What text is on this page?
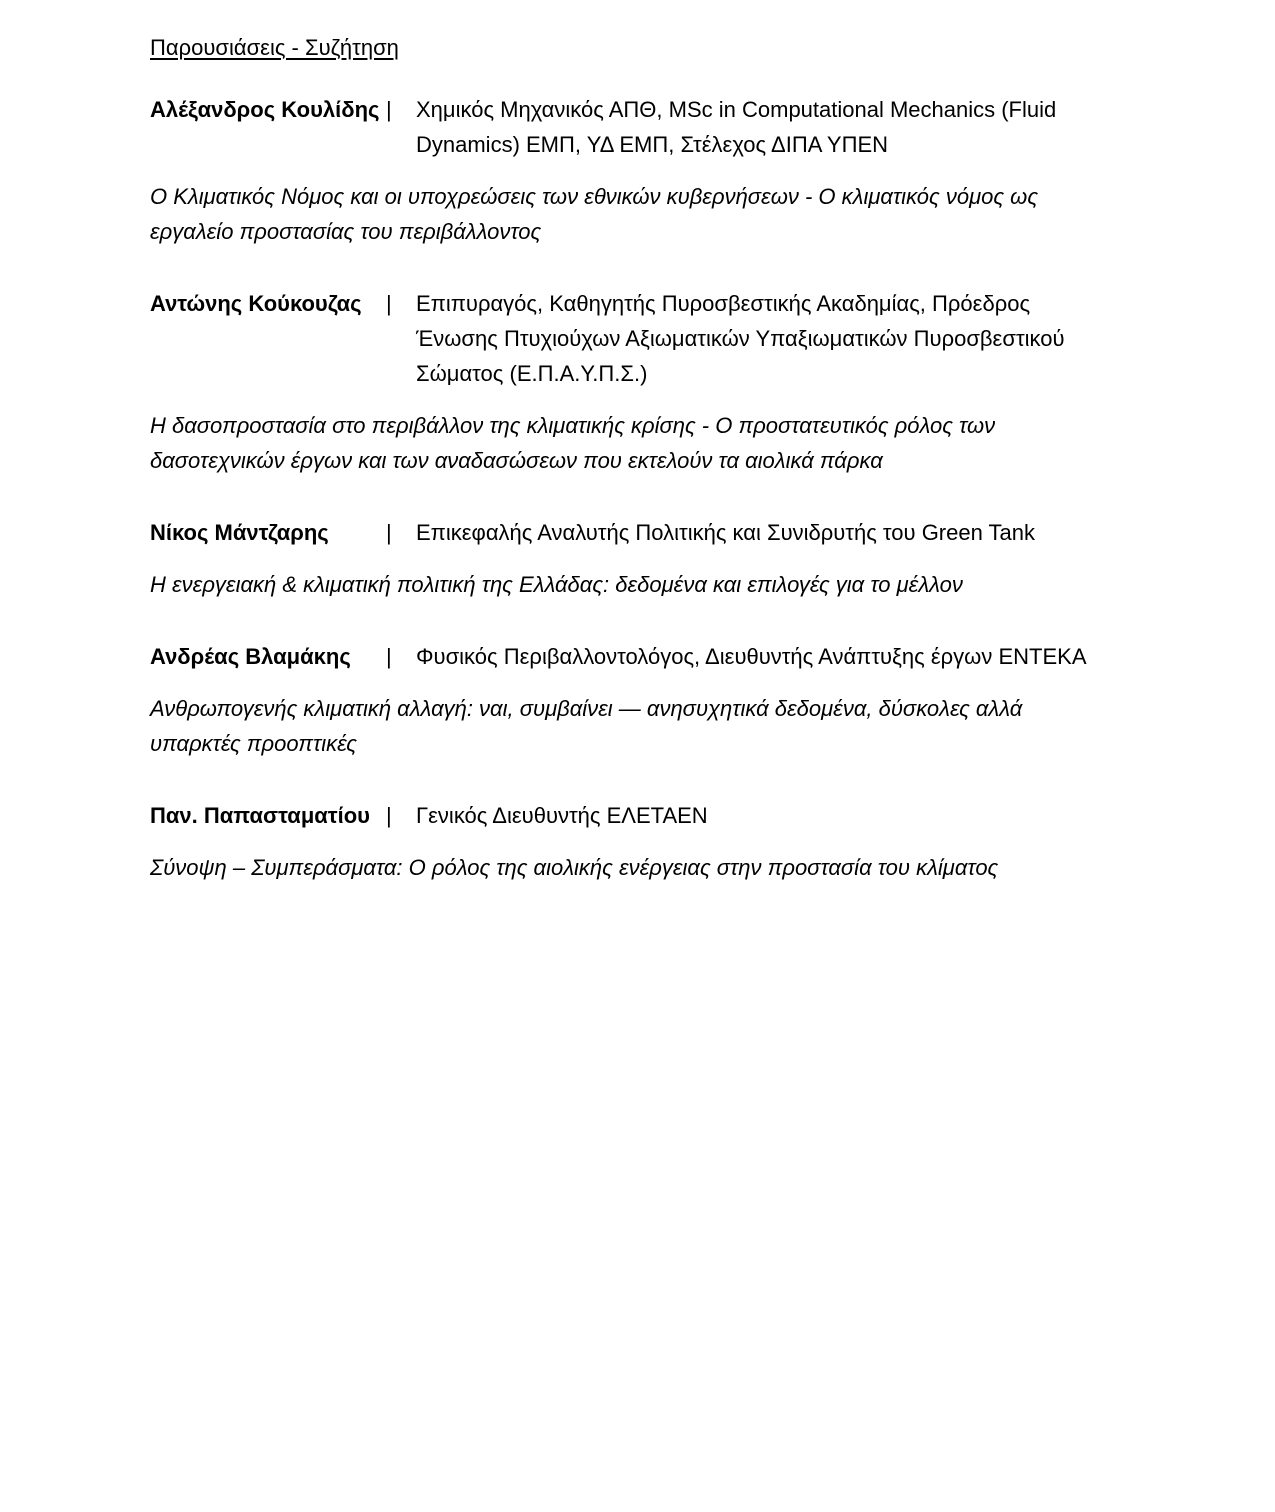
Παρουσιάσεις - Συζήτηση
Αλέξανδρος Κουλίδης |	Χημικός Μηχανικός ΑΠΘ, MSc in Computational Mechanics (Fluid Dynamics) ΕΜΠ, ΥΔ ΕΜΠ, Στέλεχος ΔΙΠΑ ΥΠΕΝ
Ο Κλιματικός Νόμος και οι υποχρεώσεις των εθνικών κυβερνήσεων - Ο κλιματικός νόμος ως εργαλείο προστασίας του περιβάλλοντος
Αντώνης Κούκουζας	|	Επιπυραγός, Καθηγητής Πυροσβεστικής Ακαδημίας, Πρόεδρος Ένωσης Πτυχιούχων Αξιωματικών Υπαξιωματικών Πυροσβεστικού Σώματος (Ε.Π.Α.Υ.Π.Σ.)
Η δασοπροστασία στο περιβάλλον της κλιματικής κρίσης - Ο προστατευτικός ρόλος των δασοτεχνικών έργων και των αναδασώσεων που εκτελούν τα αιολικά πάρκα
Νίκος Μάντζαρης	|	Επικεφαλής Αναλυτής Πολιτικής και Συνιδρυτής του Green Tank
Η ενεργειακή & κλιματική πολιτική της Ελλάδας: δεδομένα και επιλογές για το μέλλον
Ανδρέας Βλαμάκης	|	Φυσικός Περιβαλλοντολόγος, Διευθυντής Ανάπτυξης έργων ΕΝΤΕΚΑ
Ανθρωπογενής κλιματική αλλαγή: ναι, συμβαίνει — ανησυχητικά δεδομένα, δύσκολες αλλά υπαρκτές προοπτικές
Παν. Παπασταματίου |	Γενικός Διευθυντής ΕΛΕΤΑΕΝ
Σύνοψη – Συμπεράσματα: Ο ρόλος της αιολικής ενέργειας στην προστασία του κλίματος
